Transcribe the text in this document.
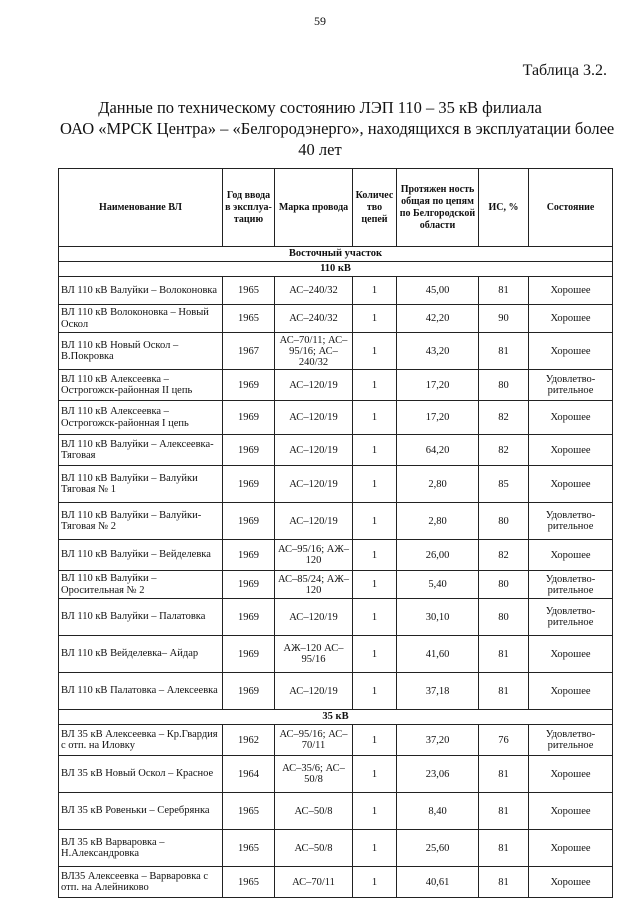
59
Таблица 3.2.
Данные по техническому состоянию ЛЭП 110 – 35 кВ филиала
ОАО «МРСК Центра» – «Белгородэнерго», находящихся в эксплуатации более
40 лет
Наименование ВЛ	Год ввода в эксплуа-тацию	Марка провода	Количес тво цепей	Протяжен ность общая по цепям по Белгородской области	ИС, %	Состояние
Восточный участок						
110 кВ						
ВЛ 110 кВ Валуйки – Волоконовка	1965	АС–240/32	1	45,00	81	Хорошее
ВЛ 110 кВ Волоконовка – Новый Оскол	1965	АС–240/32	1	42,20	90	Хорошее
ВЛ 110 кВ Новый Оскол – В.Покровка	1967	АС–70/11; АС–95/16; АС–240/32	1	43,20	81	Хорошее
ВЛ 110 кВ Алексеевка – Острогожск-районная II цепь	1969	АС–120/19	1	17,20	80	Удовлетво-рительное
ВЛ 110 кВ Алексеевка – Острогожск-районная I цепь	1969	АС–120/19	1	17,20	82	Хорошее
ВЛ 110 кВ Валуйки – Алексеевка-Тяговая	1969	АС–120/19	1	64,20	82	Хорошее
ВЛ 110 кВ Валуйки – Валуйки Тяговая № 1	1969	АС–120/19	1	2,80	85	Хорошее
ВЛ 110 кВ Валуйки – Валуйки-Тяговая № 2	1969	АС–120/19	1	2,80	80	Удовлетво-рительное
ВЛ 110 кВ Валуйки – Вейделевка	1969	АС–95/16; АЖ–120	1	26,00	82	Хорошее
ВЛ 110 кВ Валуйки – Оросительная № 2	1969	АС–85/24; АЖ–120	1	5,40	80	Удовлетво-рительное
ВЛ 110 кВ Валуйки – Палатовка	1969	АС–120/19	1	30,10	80	Удовлетво-рительное
ВЛ 110 кВ Вейделевка– Айдар	1969	АЖ–120 АС–95/16	1	41,60	81	Хорошее
ВЛ 110 кВ Палатовка – Алексеевка	1969	АС–120/19	1	37,18	81	Хорошее
35 кВ						
ВЛ 35 кВ Алексеевка – Кр.Гвардия с отп. на Иловку	1962	АС–95/16; АС–70/11	1	37,20	76	Удовлетво-рительное
ВЛ 35 кВ Новый Оскол – Красное	1964	АС–35/6; АС–50/8	1	23,06	81	Хорошее
ВЛ 35 кВ Ровеньки – Серебрянка	1965	АС–50/8	1	8,40	81	Хорошее
ВЛ 35 кВ Варваровка – Н.Александровка	1965	АС–50/8	1	25,60	81	Хорошее
ВЛ35 Алексеевка – Варваровка с отп. на Алейниково	1965	АС–70/11	1	40,61	81	Хорошее
